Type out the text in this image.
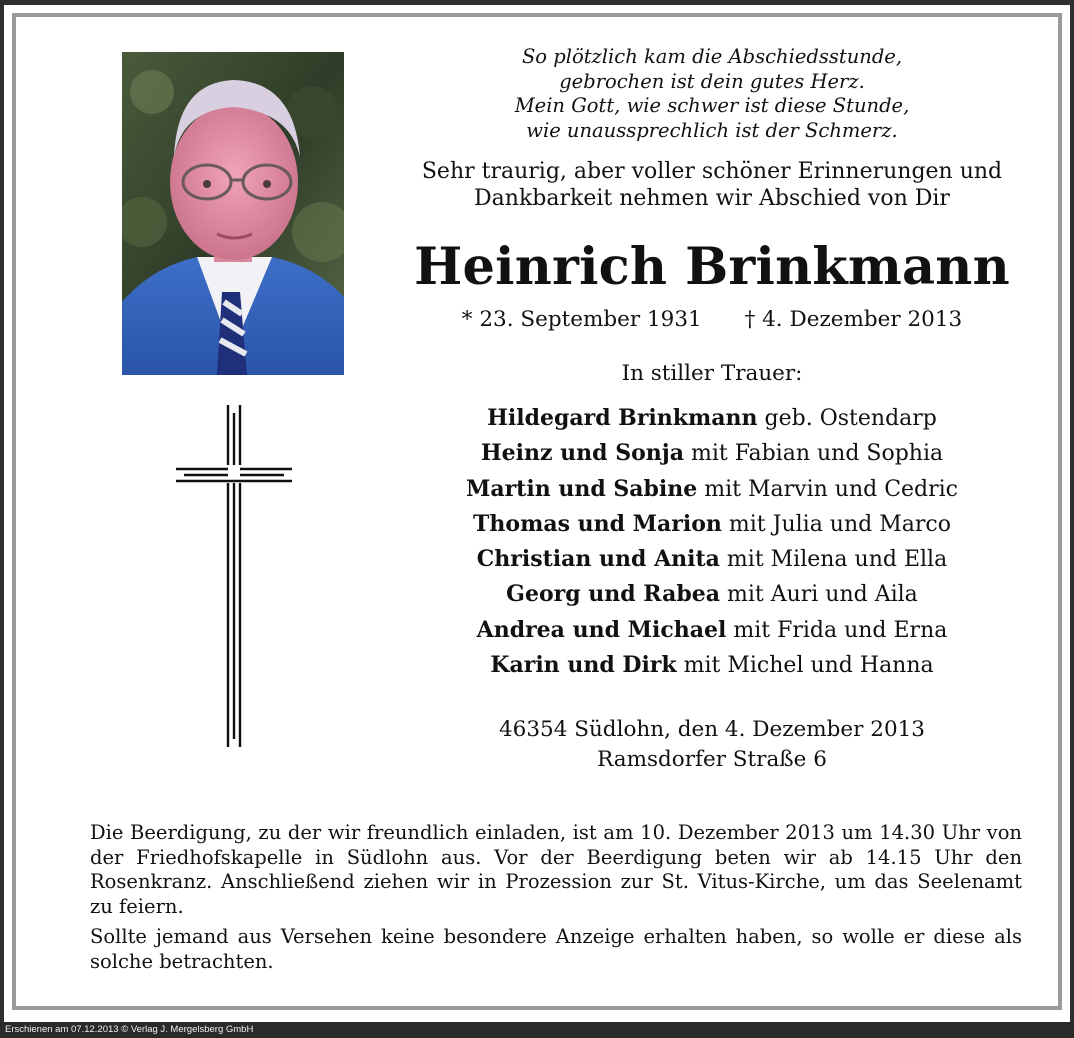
So plötzlich kam die Abschiedsstunde,
gebrochen ist dein gutes Herz.
Mein Gott, wie schwer ist diese Stunde,
wie unaussprechlich ist der Schmerz.
Sehr traurig, aber voller schöner Erinnerungen und
Dankbarkeit nehmen wir Abschied von Dir
Heinrich Brinkmann
* 23. September 1931 † 4. Dezember 2013
In stiller Trauer:
Hildegard Brinkmann geb. Ostendarp
Heinz und Sonja mit Fabian und Sophia
Martin und Sabine mit Marvin und Cedric
Thomas und Marion mit Julia und Marco
Christian und Anita mit Milena und Ella
Georg und Rabea mit Auri und Aila
Andrea und Michael mit Frida und Erna
Karin und Dirk mit Michel und Hanna
46354 Südlohn, den 4. Dezember 2013
Ramsdorfer Straße 6

Die Beerdigung, zu der wir freundlich einladen, ist am 10. Dezember 2013 um 14.30 Uhr von der Friedhofskapelle in Südlohn aus. Vor der Beerdigung beten wir ab 14.15 Uhr den Rosenkranz. Anschließend ziehen wir in Prozession zur St. Vitus-Kirche, um das Seelenamt zu feiern.

Sollte jemand aus Versehen keine besondere Anzeige erhalten haben, so wolle er diese als solche betrachten.

Erschienen am 07.12.2013 © Verlag J. Mergelsberg GmbH
